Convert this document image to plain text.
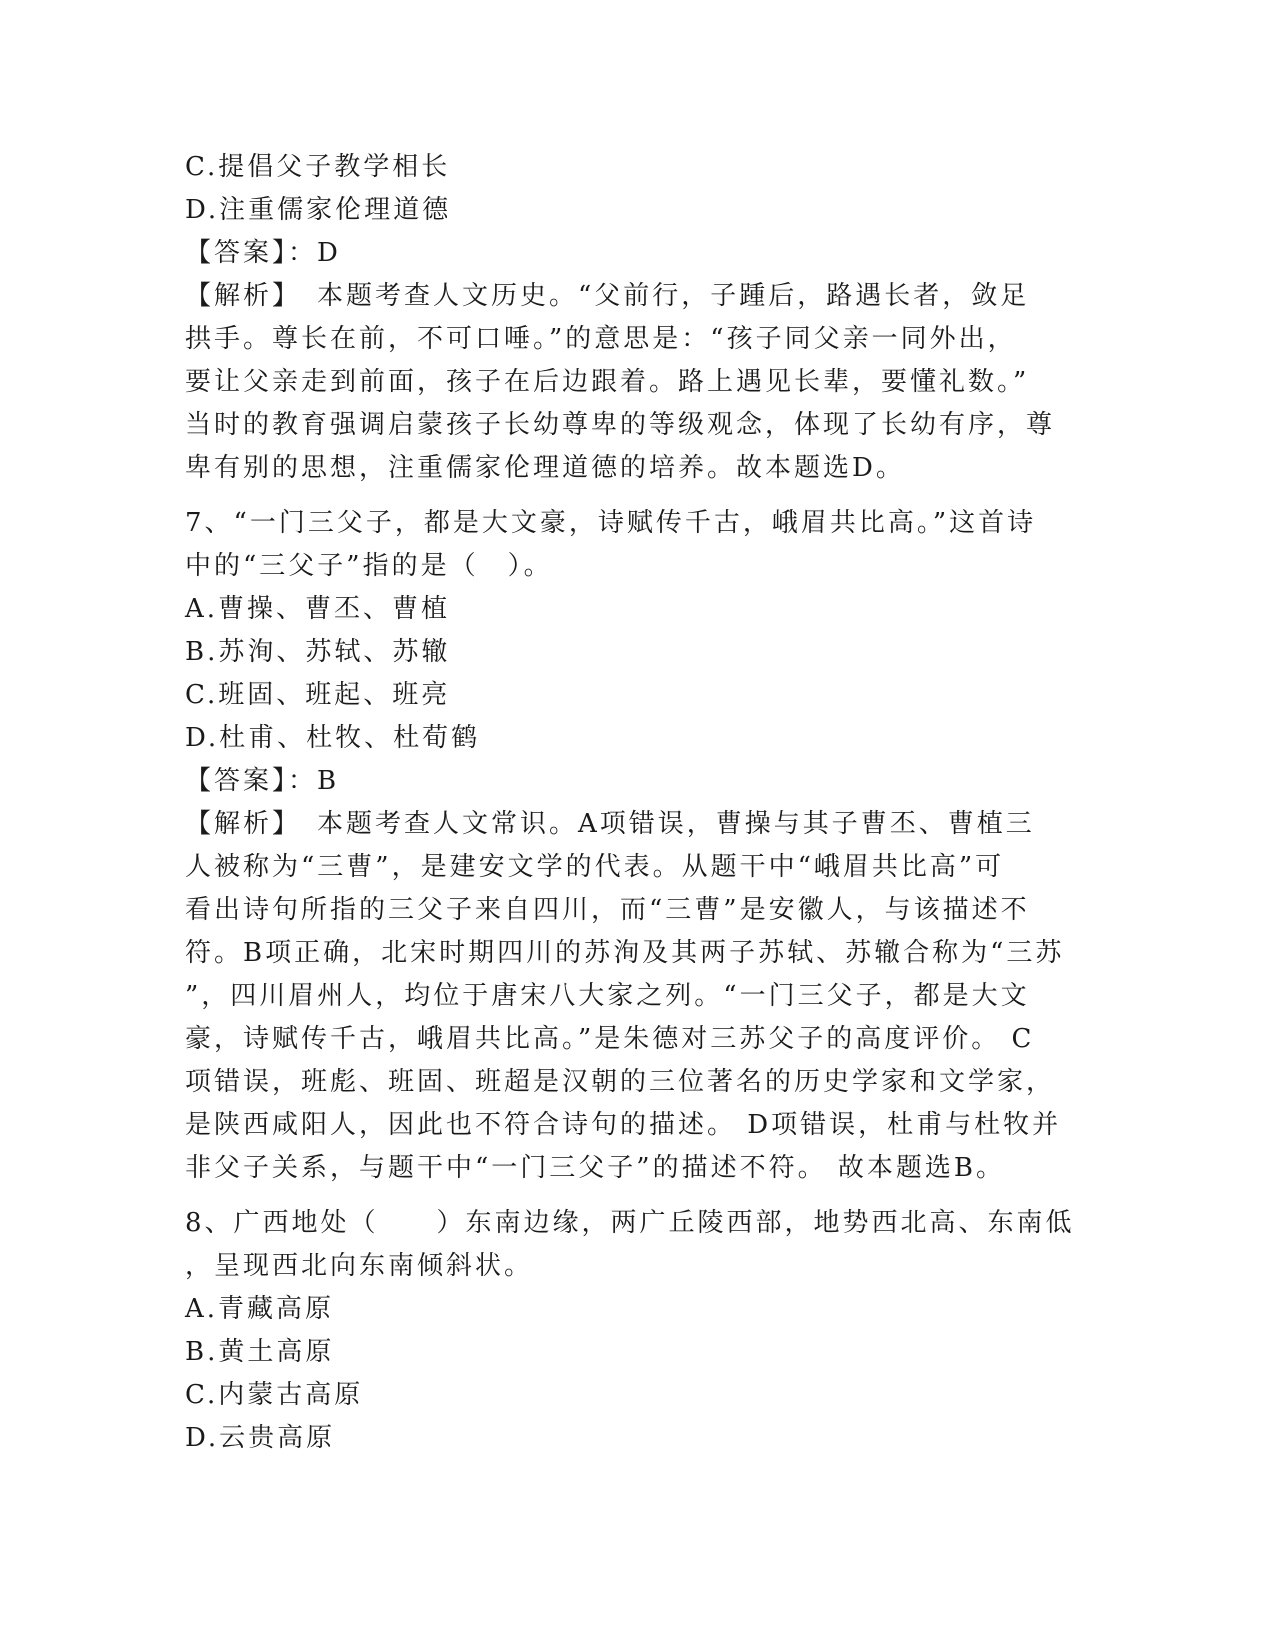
C.提倡父子教学相长
D.注重儒家伦理道德
【答案】：D
【解析】　本题考查人文历史。“父前行，子踵后，路遇长者，敛足
拱手。尊长在前，不可口唾。”的意思是：“孩子同父亲一同外出，
要让父亲走到前面，孩子在后边跟着。路上遇见长辈，要懂礼数。”
当时的教育强调启蒙孩子长幼尊卑的等级观念，体现了长幼有序，尊
卑有别的思想，注重儒家伦理道德的培养。故本题选D。
7、“一门三父子，都是大文豪，诗赋传千古，峨眉共比高。”这首诗
中的“三父子”指的是（　）。
A.曹操、曹丕、曹植
B.苏洵、苏轼、苏辙
C.班固、班起、班亮
D.杜甫、杜牧、杜荀鹤
【答案】：B
【解析】　本题考查人文常识。A项错误，曹操与其子曹丕、曹植三
人被称为“三曹”，是建安文学的代表。从题干中“峨眉共比高”可
看出诗句所指的三父子来自四川，而“三曹”是安徽人，与该描述不
符。B项正确，北宋时期四川的苏洵及其两子苏轼、苏辙合称为“三苏
”，四川眉州人，均位于唐宋八大家之列。“一门三父子，都是大文
豪，诗赋传千古，峨眉共比高。”是朱德对三苏父子的高度评价。 C
项错误，班彪、班固、班超是汉朝的三位著名的历史学家和文学家，
是陕西咸阳人，因此也不符合诗句的描述。 D项错误，杜甫与杜牧并
非父子关系，与题干中“一门三父子”的描述不符。 故本题选B。
8、广西地处（　　）东南边缘，两广丘陵西部，地势西北高、东南低
，呈现西北向东南倾斜状。
A.青藏高原
B.黄土高原
C.内蒙古高原
D.云贵高原
